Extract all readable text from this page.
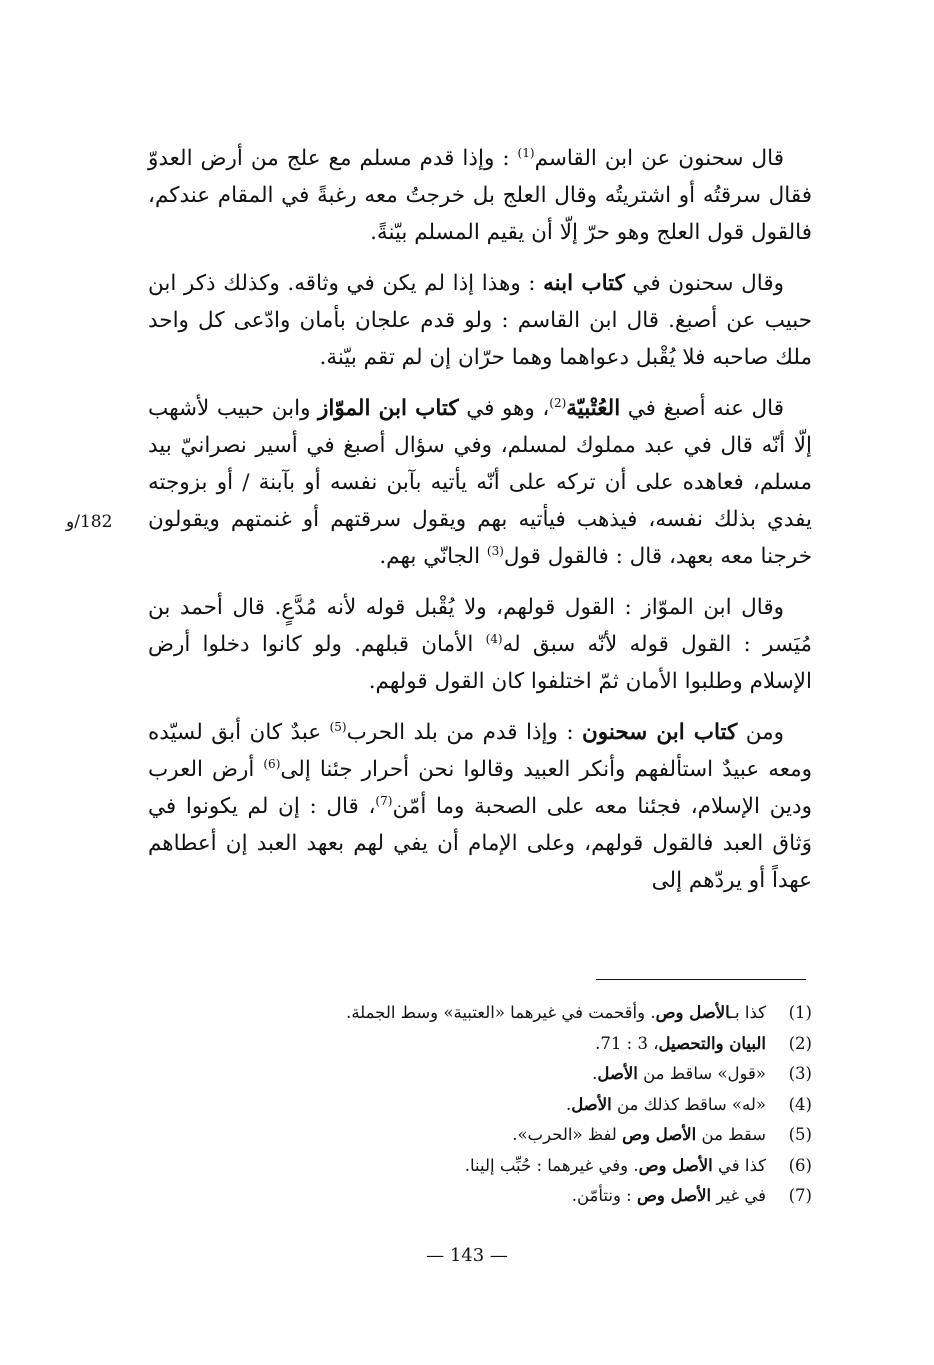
قال سحنون عن ابن القاسم$^{(1)}$ : وإذا قدم مسلم مع علج من أرض العدوّ فقال سرقتُه أو اشتريتُه وقال العلج بل خرجتُ معه رغبةً في المقام عندكم، فالقول قول العلج وهو حرّ إلّا أن يقيم المسلم بيّنةً.

وقال سحنون في كتاب ابنه : وهذا إذا لم يكن في وثاقه. وكذلك ذكر ابن حبيب عن أصبغ. قال ابن القاسم : ولو قدم علجان بأمان وادّعى كل واحد ملك صاحبه فلا يُقْبل دعواهما وهما حرّان إن لم تقم بيّنة.

قال عنه أصبغ في العُتْبيّة$^{(2)}$، وهو في كتاب ابن الموّاز وابن حبيب لأشهب إلّا أنّه قال في عبد مملوك لمسلم، وفي سؤال أصبغ في أسير نصرانيّ بيد مسلم، فعاهده على أن تركه على أنّه يأتيه بآبن نفسه أو بآبنة / أو بزوجته يفدي بذلك نفسه، فيذهب فيأتيه بهم ويقول سرقتهم أو غنمتهم ويقولون خرجنا معه بعهد، قال : فالقول قول$^{(3)}$ الجانّي بهم.

وقال ابن الموّاز : القول قولهم، ولا يُقْبل قوله لأنه مُدَّعٍ. قال أحمد بن مُيَسر : القول قوله لأنّه سبق له$^{(4)}$ الأمان قبلهم. ولو كانوا دخلوا أرض الإسلام وطلبوا الأمان ثمّ اختلفوا كان القول قولهم.

ومن كتاب ابن سحنون : وإذا قدم من بلد الحرب$^{(5)}$ عبدٌ كان أبق لسيّده ومعه عبيدٌ استألفهم وأنكر العبيد وقالوا نحن أحرار جئنا إلى$^{(6)}$ أرض العرب ودين الإسلام، فجئنا معه على الصحبة وما أمّن$^{(7)}$، قال : إن لم يكونوا في وَثاق العبد فالقول قولهم، وعلى الإمام أن يفي لهم بعهد العبد إن أعطاهم عهداً أو يردّهم إلى

182/و
(1)
كذا بـالأصل وص. وأقحمت في غيرهما «العتبية» وسط الجملة.
(2)
البيان والتحصيل، 3 : 71.
(3)
«قول» ساقط من الأصل.
(4)
«له» ساقط كذلك من الأصل.
(5)
سقط من الأصل وص لفظ «الحرب».
(6)
كذا في الأصل وص. وفي غيرهما : حُبِّب إلينا.
(7)
في غير الأصل وص : ونتأمّن.
— 143 —
